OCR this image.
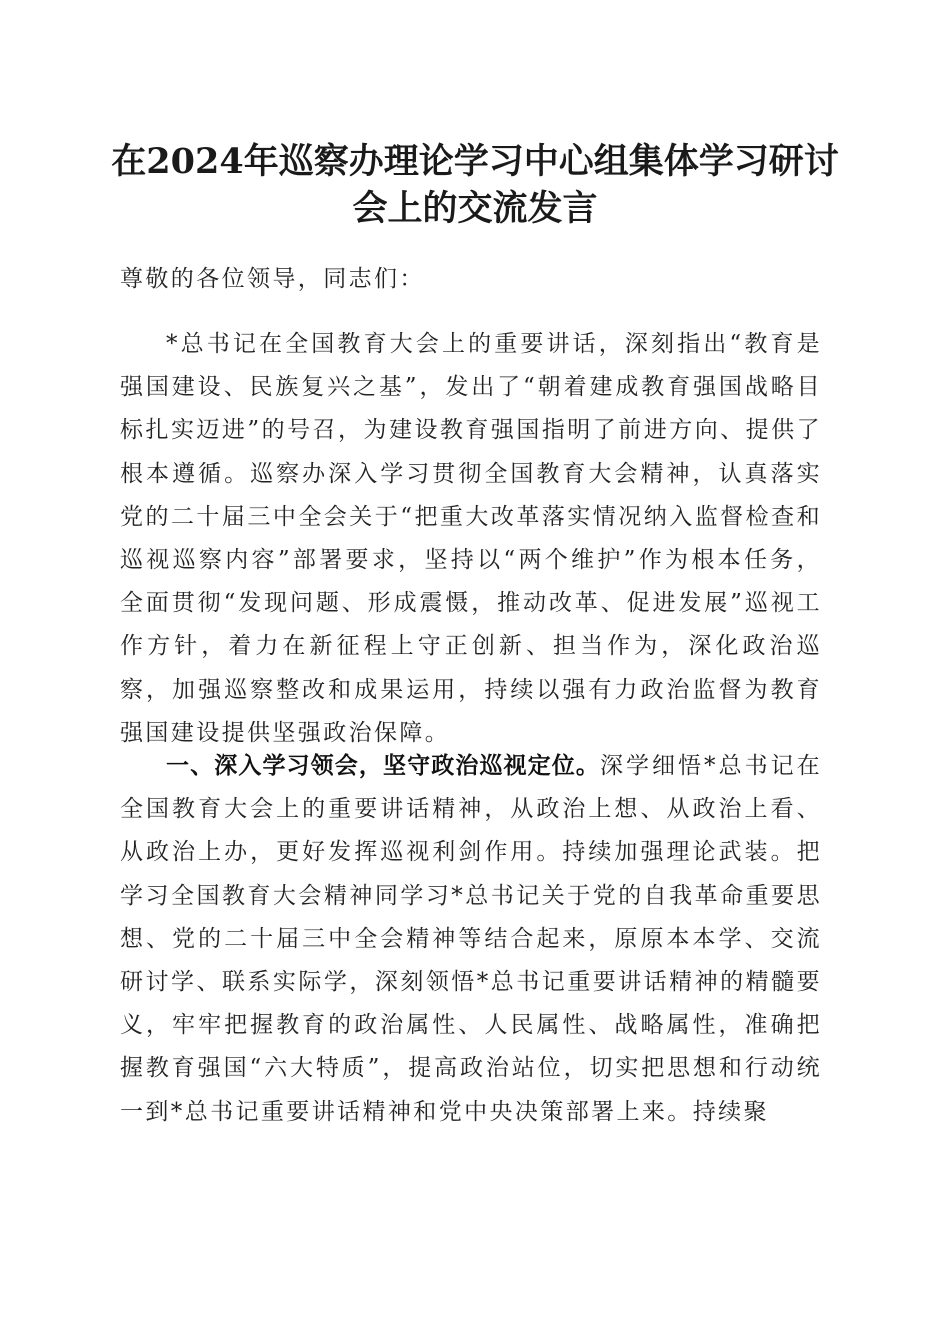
在2024年巡察办理论学习中心组集体学习研讨会上的交流发言

尊敬的各位领导，同志们：

*总书记在全国教育大会上的重要讲话，深刻指出“教育是强国建设、民族复兴之基”，发出了“朝着建成教育强国战略目标扎实迈进”的号召，为建设教育强国指明了前进方向、提供了根本遵循。巡察办深入学习贯彻全国教育大会精神，认真落实党的二十届三中全会关于“把重大改革落实情况纳入监督检查和巡视巡察内容”部署要求，坚持以“两个维护”作为根本任务，全面贯彻“发现问题、形成震慑，推动改革、促进发展”巡视工作方针，着力在新征程上守正创新、担当作为，深化政治巡察，加强巡察整改和成果运用，持续以强有力政治监督为教育强国建设提供坚强政治保障。

一、深入学习领会，坚守政治巡视定位。深学细悟*总书记在全国教育大会上的重要讲话精神，从政治上想、从政治上看、从政治上办，更好发挥巡视利剑作用。持续加强理论武装。把学习全国教育大会精神同学习*总书记关于党的自我革命重要思想、党的二十届三中全会精神等结合起来，原原本本学、交流研讨学、联系实际学，深刻领悟*总书记重要讲话精神的精髓要义，牢牢把握教育的政治属性、人民属性、战略属性，准确把握教育强国“六大特质”，提高政治站位，切实把思想和行动统一到*总书记重要讲话精神和党中央决策部署上来。持续聚
